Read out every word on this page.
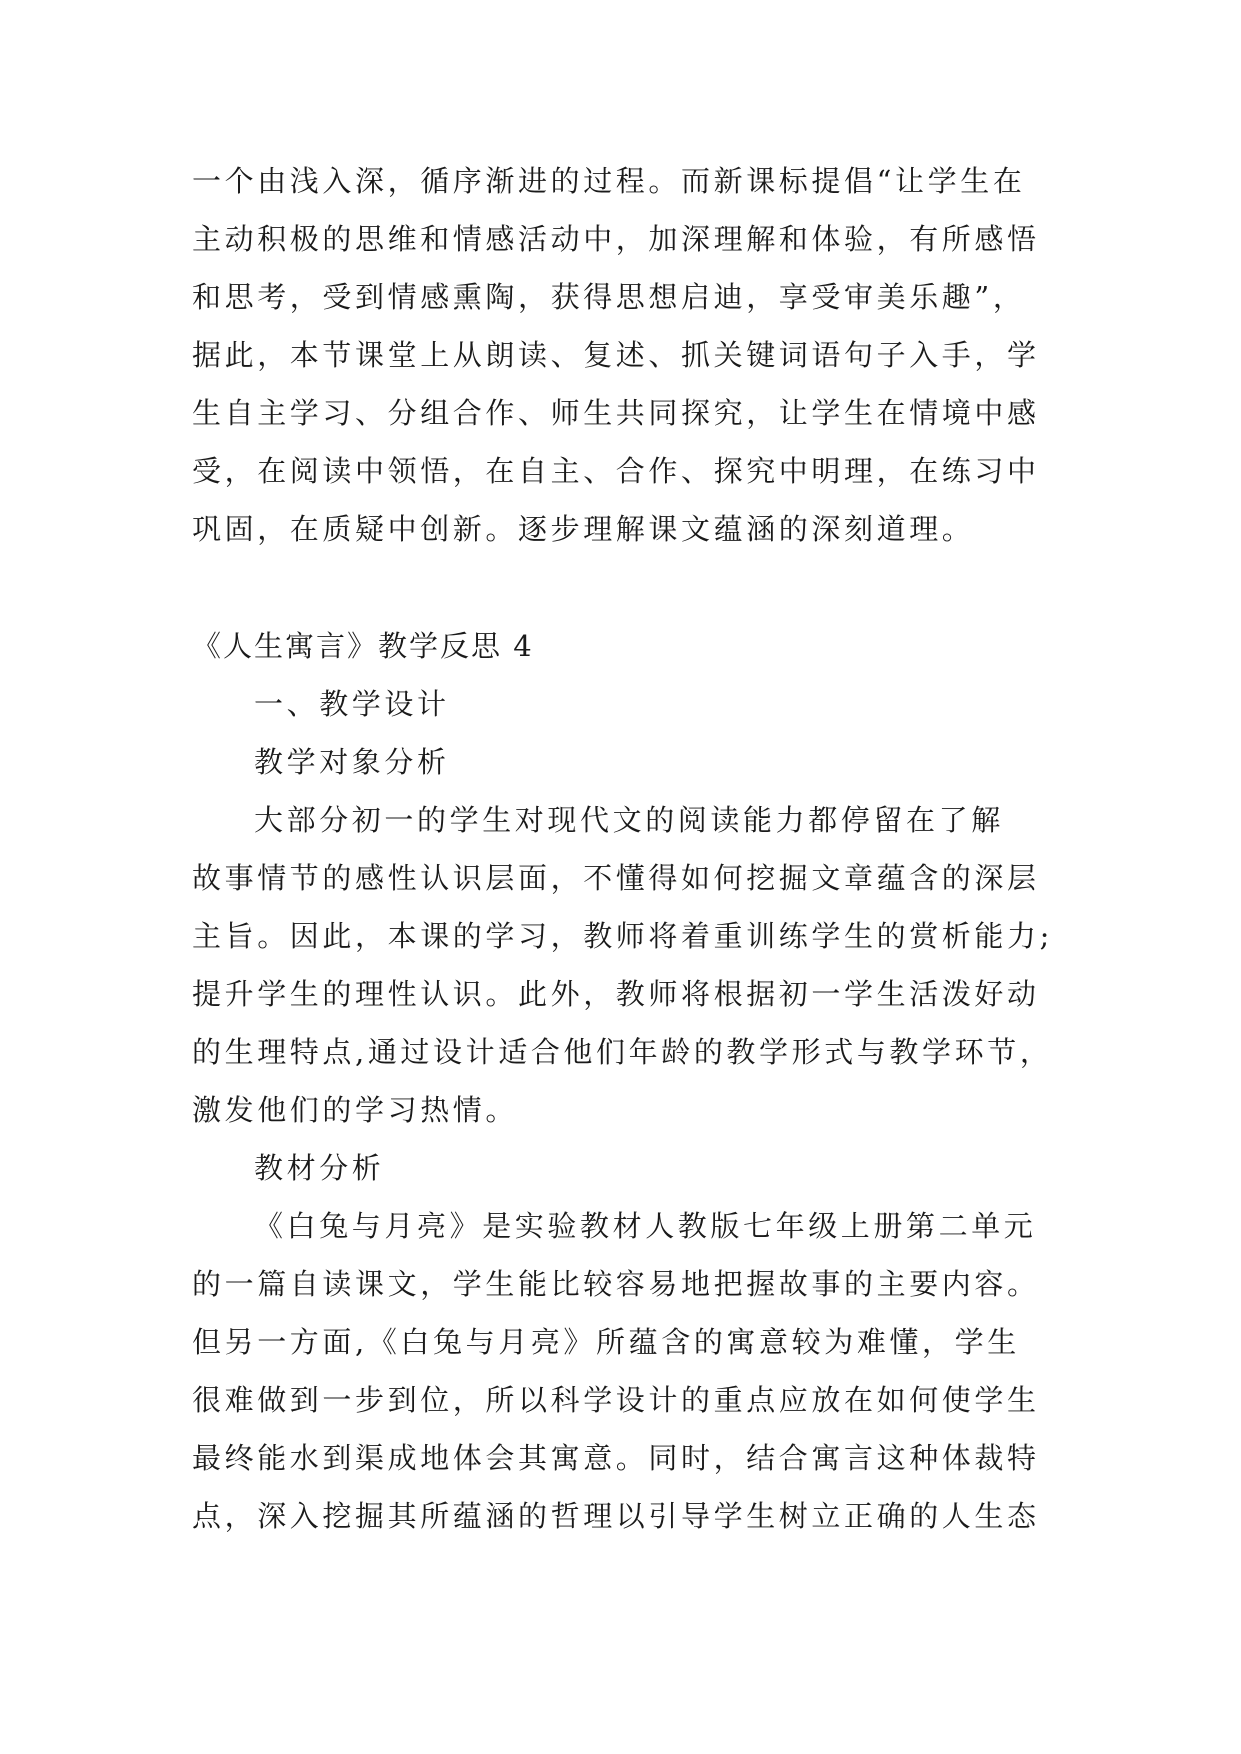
一个由浅入深，循序渐进的过程。而新课标提倡“让学生在
主动积极的思维和情感活动中，加深理解和体验，有所感悟
和思考，受到情感熏陶，获得思想启迪，享受审美乐趣”，
据此，本节课堂上从朗读、复述、抓关键词语句子入手，学
生自主学习、分组合作、师生共同探究，让学生在情境中感
受，在阅读中领悟，在自主、合作、探究中明理，在练习中
巩固，在质疑中创新。逐步理解课文蕴涵的深刻道理。
《人生寓言》教学反思 4
一、教学设计
教学对象分析
大部分初一的学生对现代文的阅读能力都停留在了解
故事情节的感性认识层面，不懂得如何挖掘文章蕴含的深层
主旨。因此，本课的学习，教师将着重训练学生的赏析能力;
提升学生的理性认识。此外，教师将根据初一学生活泼好动
的生理特点,通过设计适合他们年龄的教学形式与教学环节，
激发他们的学习热情。
教材分析
《白兔与月亮》是实验教材人教版七年级上册第二单元
的一篇自读课文，学生能比较容易地把握故事的主要内容。
但另一方面,《白兔与月亮》所蕴含的寓意较为难懂，学生
很难做到一步到位，所以科学设计的重点应放在如何使学生
最终能水到渠成地体会其寓意。同时，结合寓言这种体裁特
点，深入挖掘其所蕴涵的哲理以引导学生树立正确的人生态
